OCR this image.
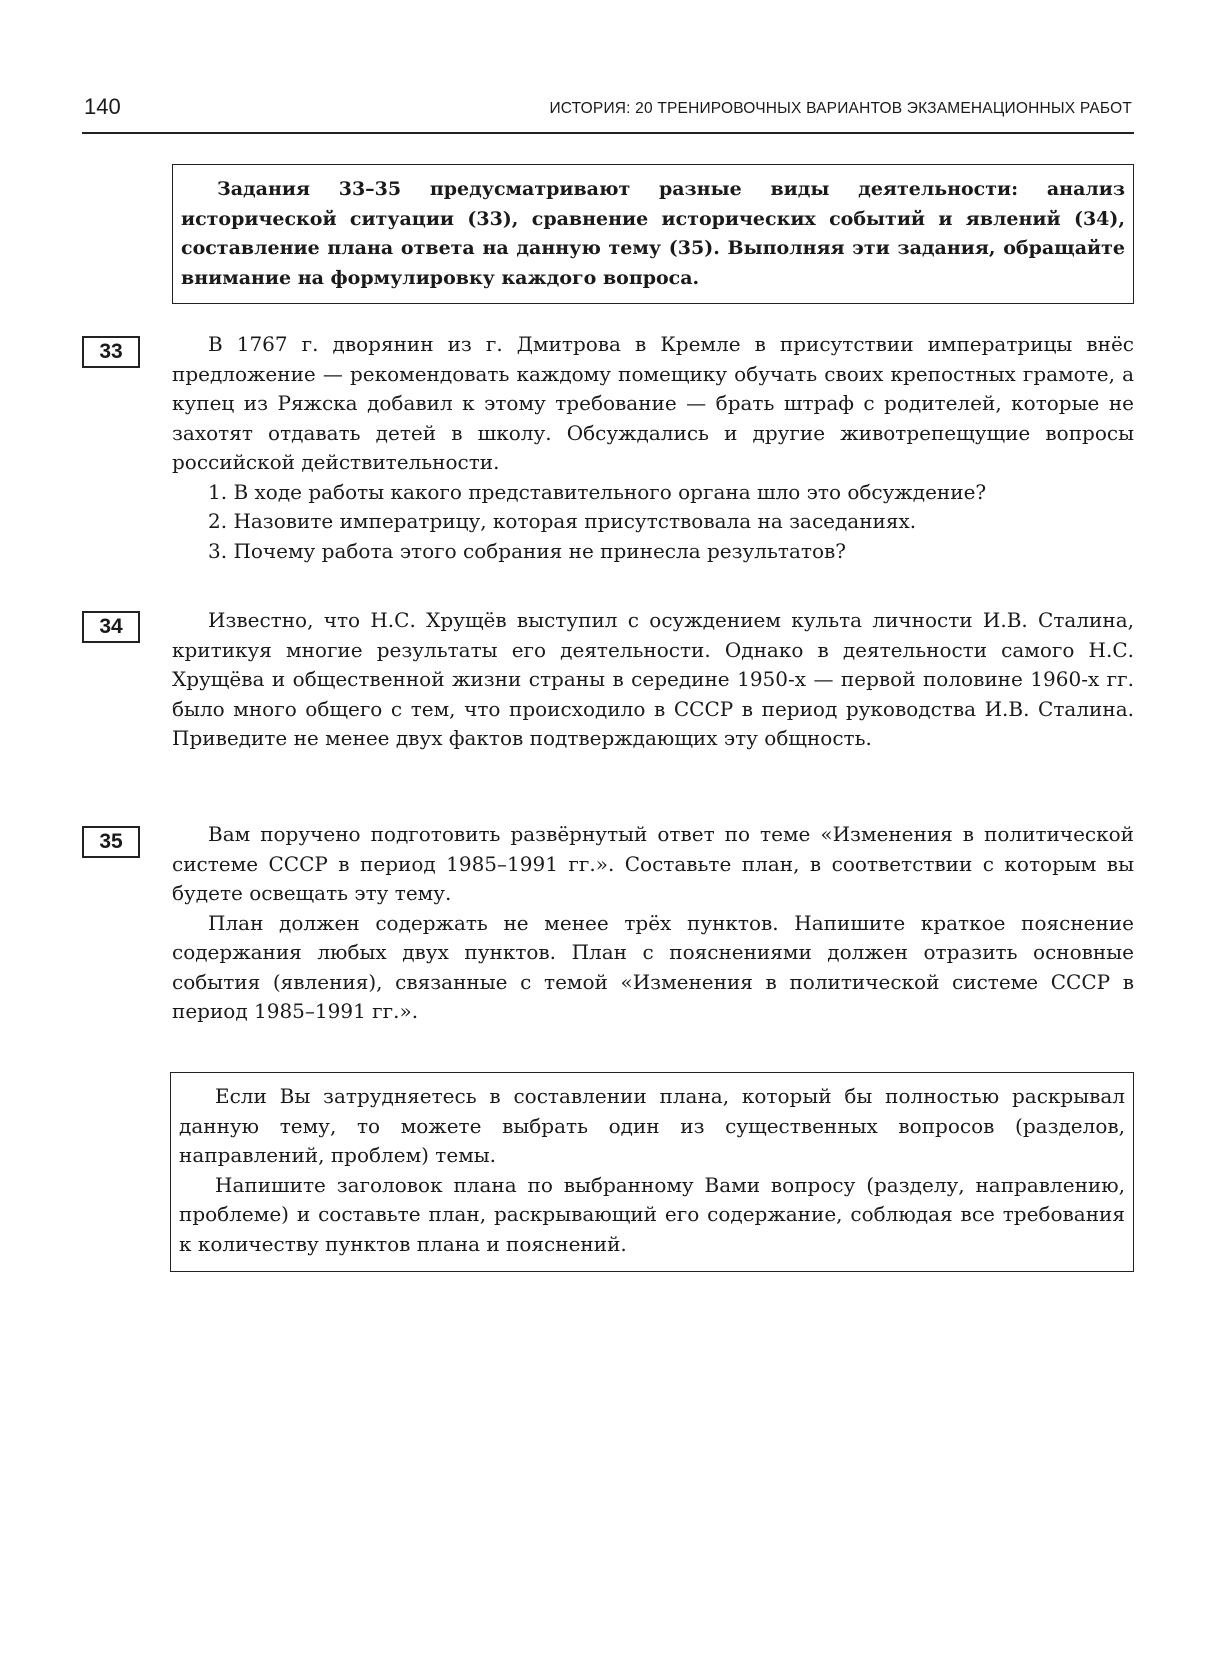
140	ИСТОРИЯ: 20 ТРЕНИРОВОЧНЫХ ВАРИАНТОВ ЭКЗАМЕНАЦИОННЫХ РАБОТ

Задания 33–35 предусматривают разные виды деятельности: анализ исторической ситуации (33), сравнение исторических событий и явлений (34), составление плана ответа на данную тему (35). Выполняя эти задания, обращайте внимание на формулировку каждого вопроса.

33	В 1767 г. дворянин из г. Дмитрова в Кремле в присутствии императрицы внёс предложение — рекомендовать каждому помещику обучать своих крепостных грамоте, а купец из Ряжска добавил к этому требование — брать штраф с родителей, которые не захотят отдавать детей в школу. Обсуждались и другие животрепещущие вопросы российской действительности.

1. В ходе работы какого представительного органа шло это обсуждение?
2. Назовите императрицу, которая присутствовала на заседаниях.
3. Почему работа этого собрания не принесла результатов?
34	Известно, что Н.С. Хрущёв выступил с осуждением культа личности И.В. Сталина, критикуя многие результаты его деятельности. Однако в деятельности самого Н.С. Хрущёва и общественной жизни страны в середине 1950-х — первой половине 1960-х гг. было много общего с тем, что происходило в СССР в период руководства И.В. Сталина. Приведите не менее двух фактов подтверждающих эту общность.

35	Вам поручено подготовить развёрнутый ответ по теме «Изменения в политической системе СССР в период 1985–1991 гг.». Составьте план, в соответствии с которым вы будете освещать эту тему.

План должен содержать не менее трёх пунктов. Напишите краткое пояснение содержания любых двух пунктов. План с пояснениями должен отразить основные события (явления), связанные с темой «Изменения в политической системе СССР в период 1985–1991 гг.».

Если Вы затрудняетесь в составлении плана, который бы полностью раскрывал данную тему, то можете выбрать один из существенных вопросов (разделов, направлений, проблем) темы.

Напишите заголовок плана по выбранному Вами вопросу (разделу, направлению, проблеме) и составьте план, раскрывающий его содержание, соблюдая все требования к количеству пунктов плана и пояснений.
